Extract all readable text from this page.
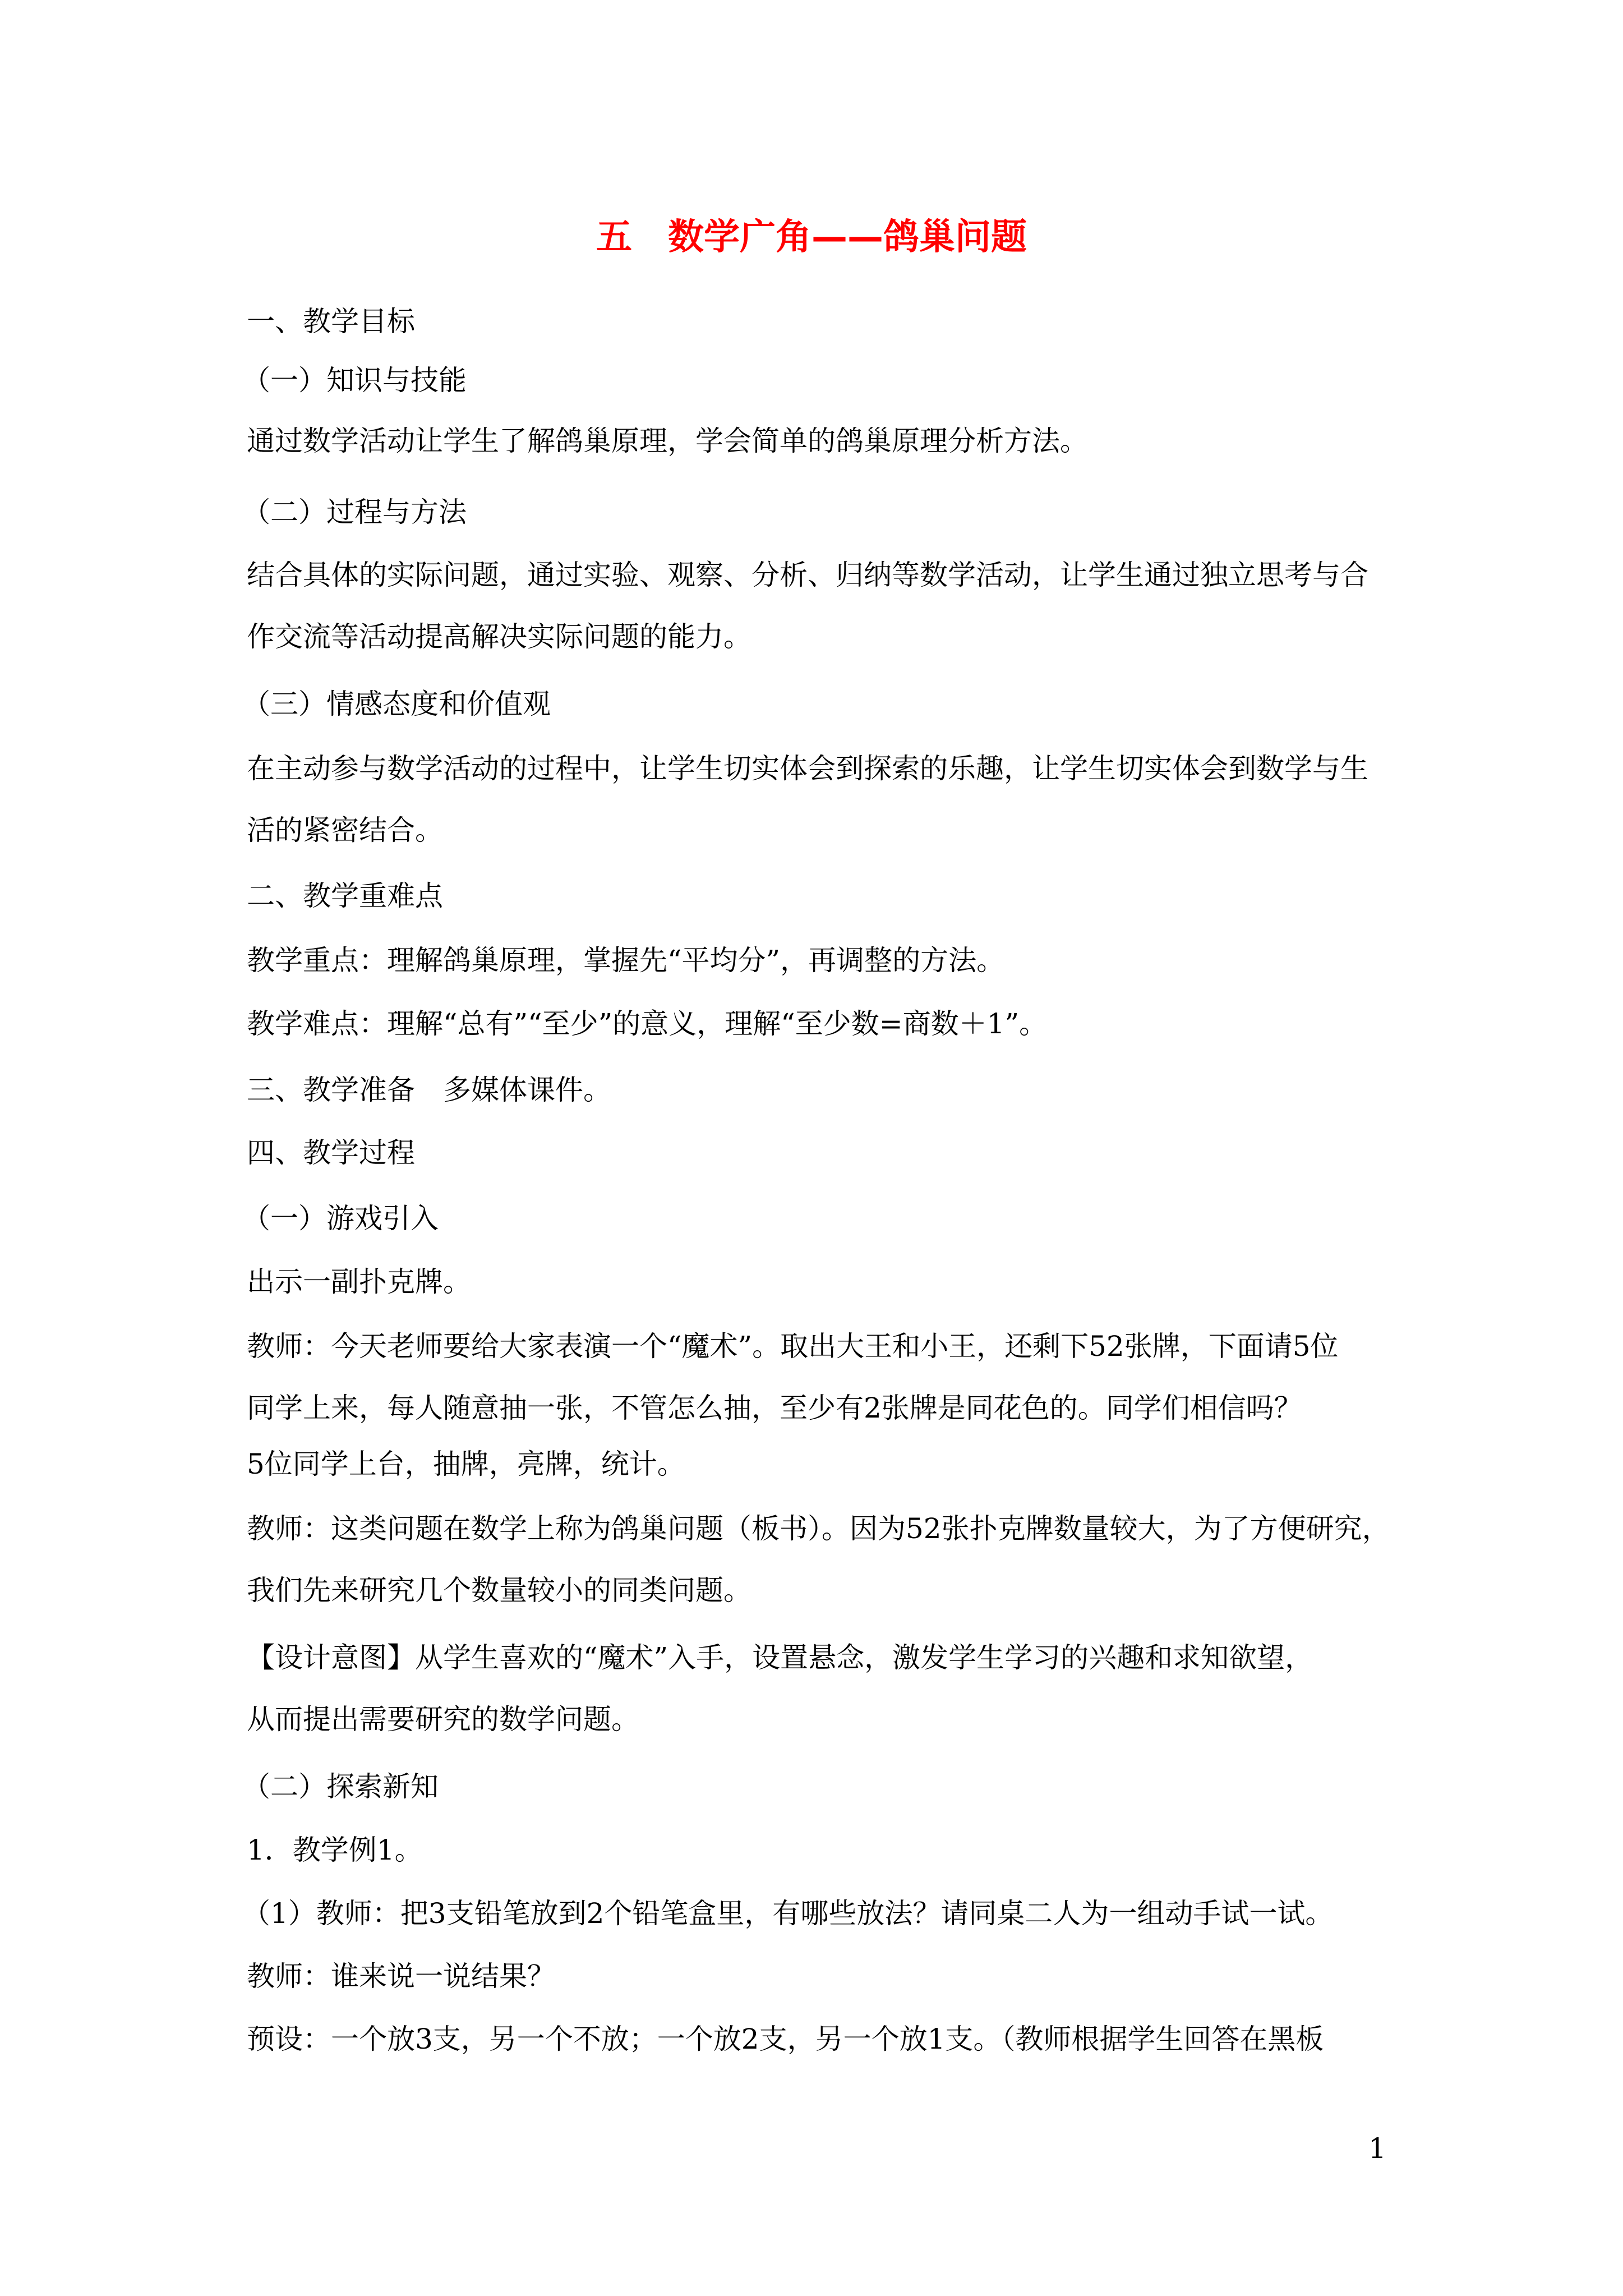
五　数学广角——鸽巢问题
一、教学目标
（一）知识与技能
通过数学活动让学生了解鸽巢原理，学会简单的鸽巢原理分析方法。
（二）过程与方法
结合具体的实际问题，通过实验、观察、分析、归纳等数学活动，让学生通过独立思考与合
作交流等活动提高解决实际问题的能力。
（三）情感态度和价值观
在主动参与数学活动的过程中，让学生切实体会到探索的乐趣，让学生切实体会到数学与生
活的紧密结合。
二、教学重难点
教学重点：理解鸽巢原理，掌握先“平均分”，再调整的方法。
教学难点：理解“总有”“至少”的意义，理解“至少数=商数＋1”。
三、教学准备　多媒体课件。
四、教学过程
（一）游戏引入
出示一副扑克牌。
教师：今天老师要给大家表演一个“魔术”。取出大王和小王，还剩下52张牌，下面请5位
同学上来，每人随意抽一张，不管怎么抽，至少有2张牌是同花色的。同学们相信吗？
5位同学上台，抽牌，亮牌，统计。
教师：这类问题在数学上称为鸽巢问题（板书）。因为52张扑克牌数量较大，为了方便研究，
我们先来研究几个数量较小的同类问题。
【设计意图】从学生喜欢的“魔术”入手，设置悬念，激发学生学习的兴趣和求知欲望，
从而提出需要研究的数学问题。
（二）探索新知
1．教学例1。
（1）教师：把3支铅笔放到2个铅笔盒里，有哪些放法？请同桌二人为一组动手试一试。
教师：谁来说一说结果？
预设：一个放3支，另一个不放；一个放2支，另一个放1支。（教师根据学生回答在黑板
1
